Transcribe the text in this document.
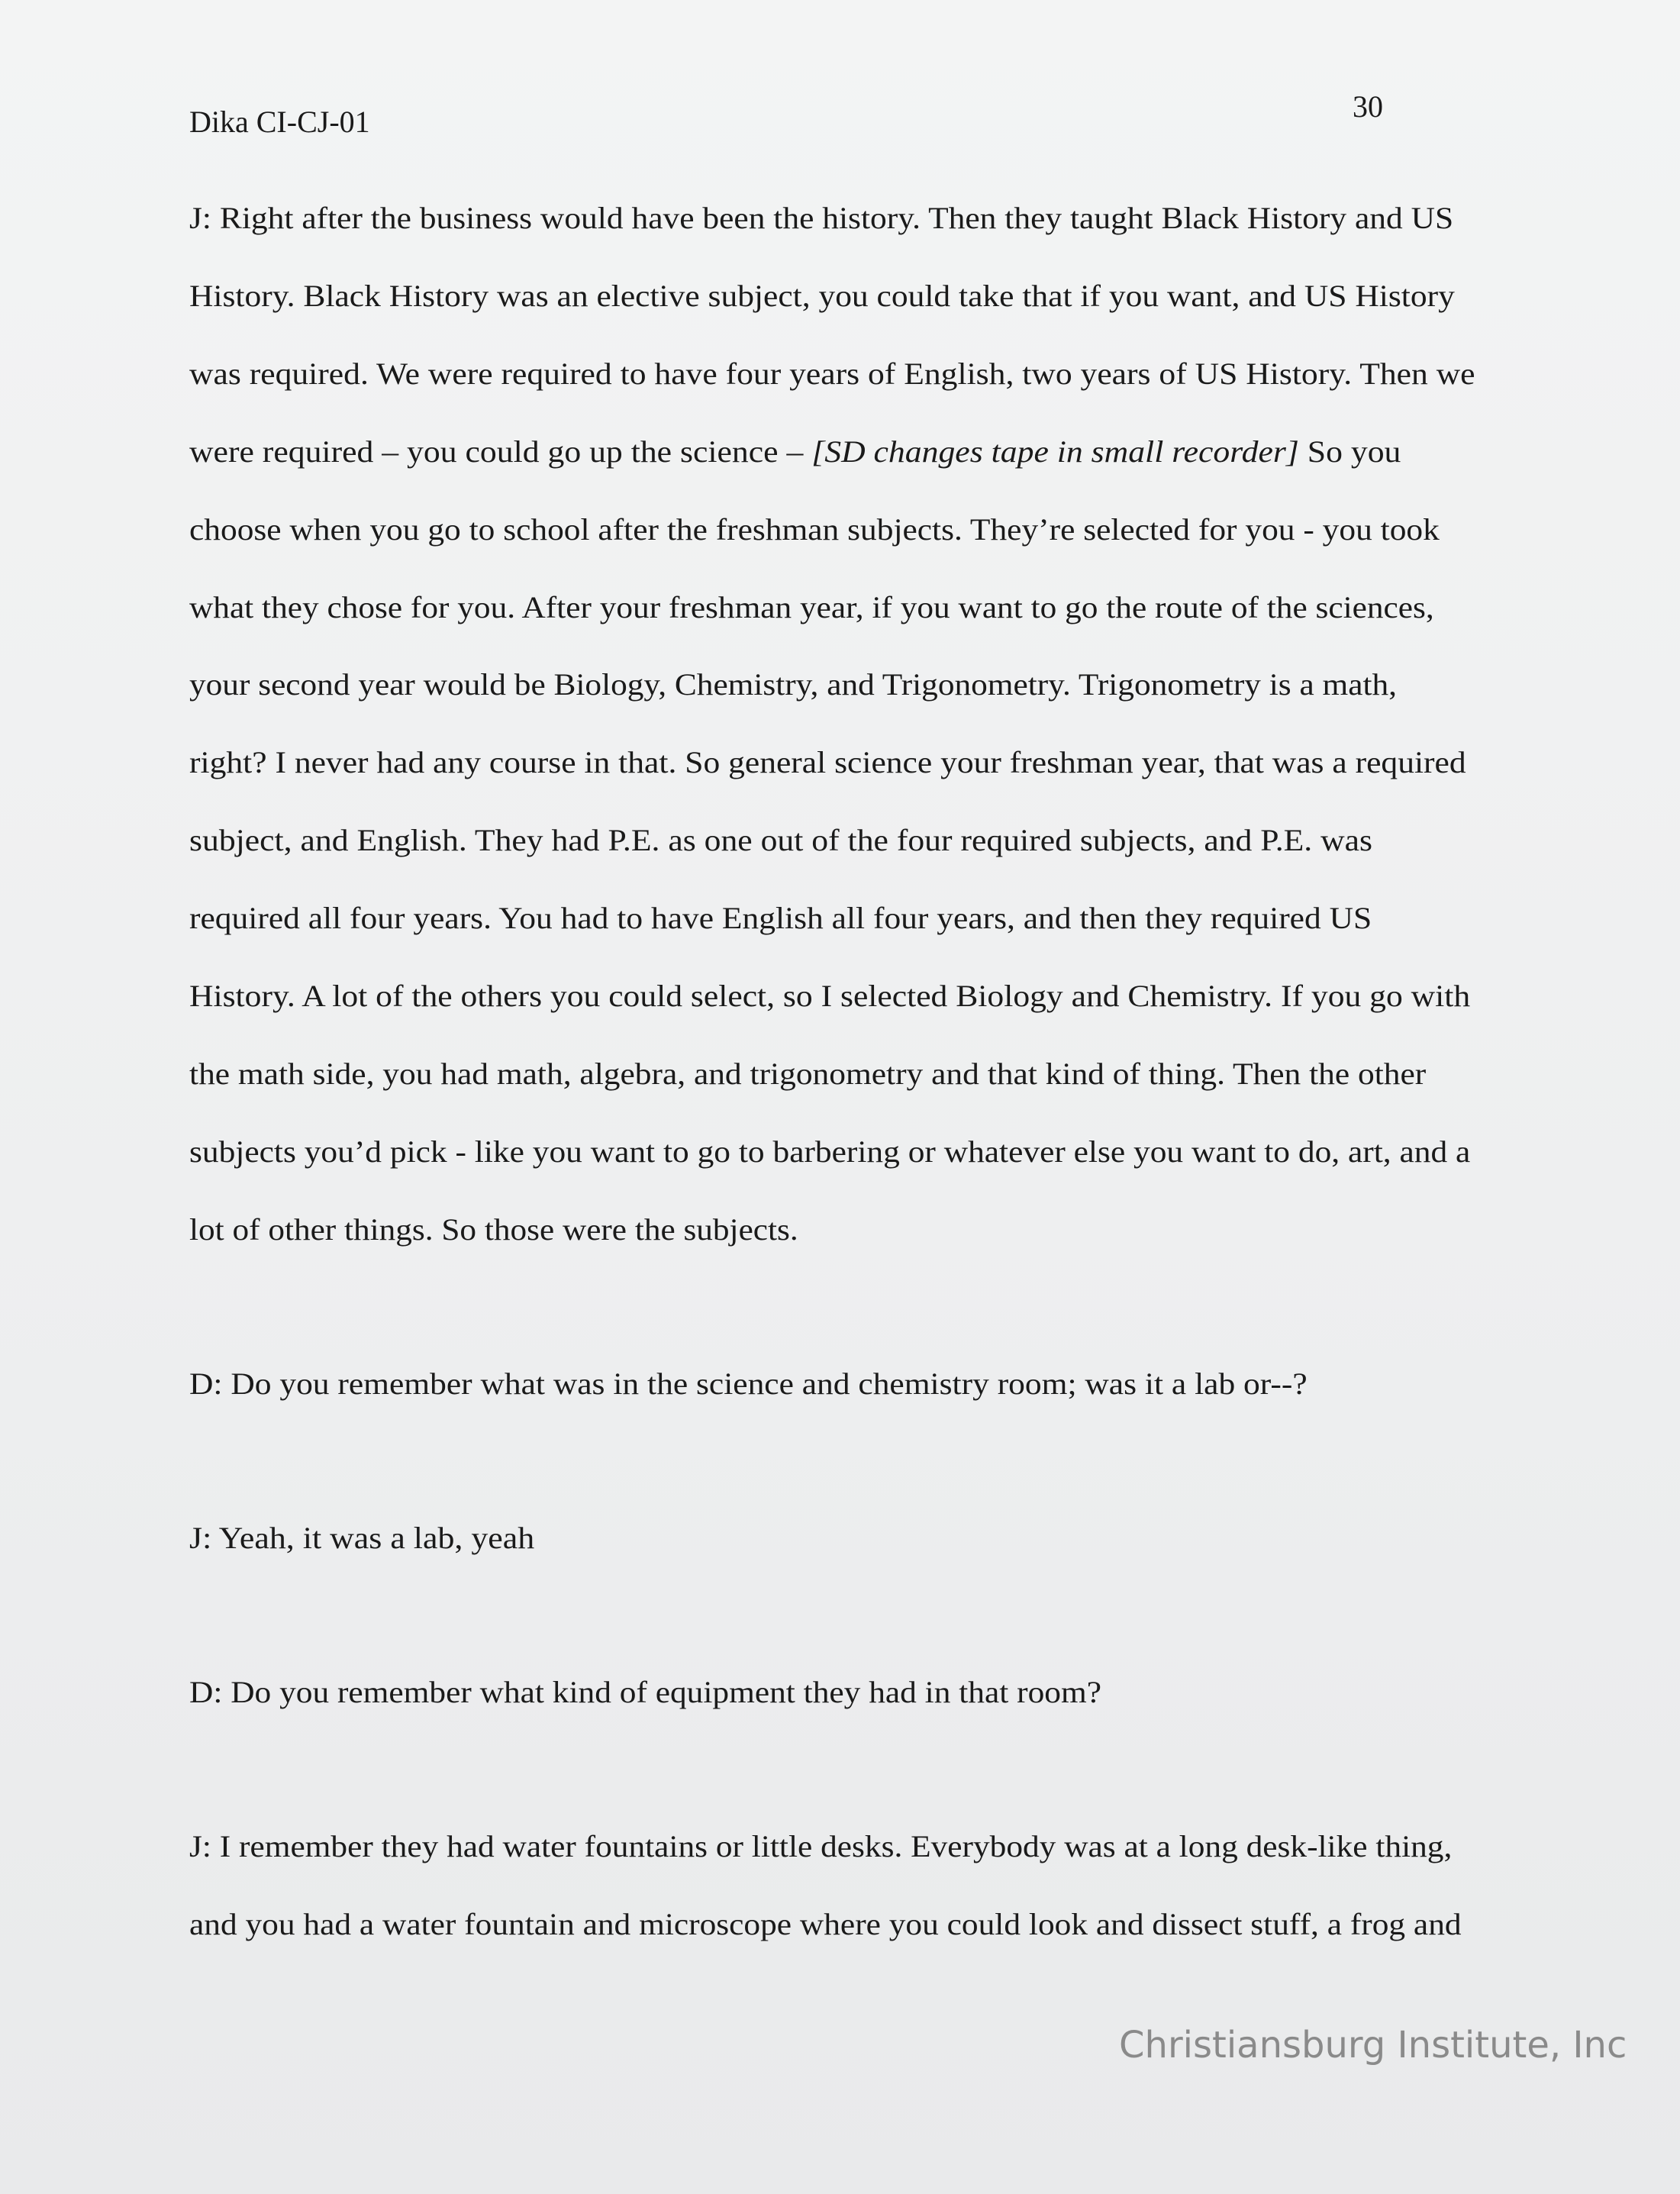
Dika CI-CJ-01	30
J: Right after the business would have been the history. Then they taught Black History and US
History. Black History was an elective subject, you could take that if you want, and US History
was required. We were required to have four years of English, two years of US History. Then we
were required – you could go up the science – [SD changes tape in small recorder] So you
choose when you go to school after the freshman subjects. They’re selected for you - you took
what they chose for you. After your freshman year, if you want to go the route of the sciences,
your second year would be Biology, Chemistry, and Trigonometry. Trigonometry is a math,
right? I never had any course in that. So general science your freshman year, that was a required
subject, and English. They had P.E. as one out of the four required subjects, and P.E. was
required all four years. You had to have English all four years, and then they required US
History. A lot of the others you could select, so I selected Biology and Chemistry. If you go with
the math side, you had math, algebra, and trigonometry and that kind of thing. Then the other
subjects you’d pick - like you want to go to barbering or whatever else you want to do, art, and a
lot of other things. So those were the subjects.
D: Do you remember what was in the science and chemistry room; was it a lab or--?
J: Yeah, it was a lab, yeah
D: Do you remember what kind of equipment they had in that room?
J: I remember they had water fountains or little desks. Everybody was at a long desk-like thing,
and you had a water fountain and microscope where you could look and dissect stuff, a frog and
Christiansburg Institute, Inc
